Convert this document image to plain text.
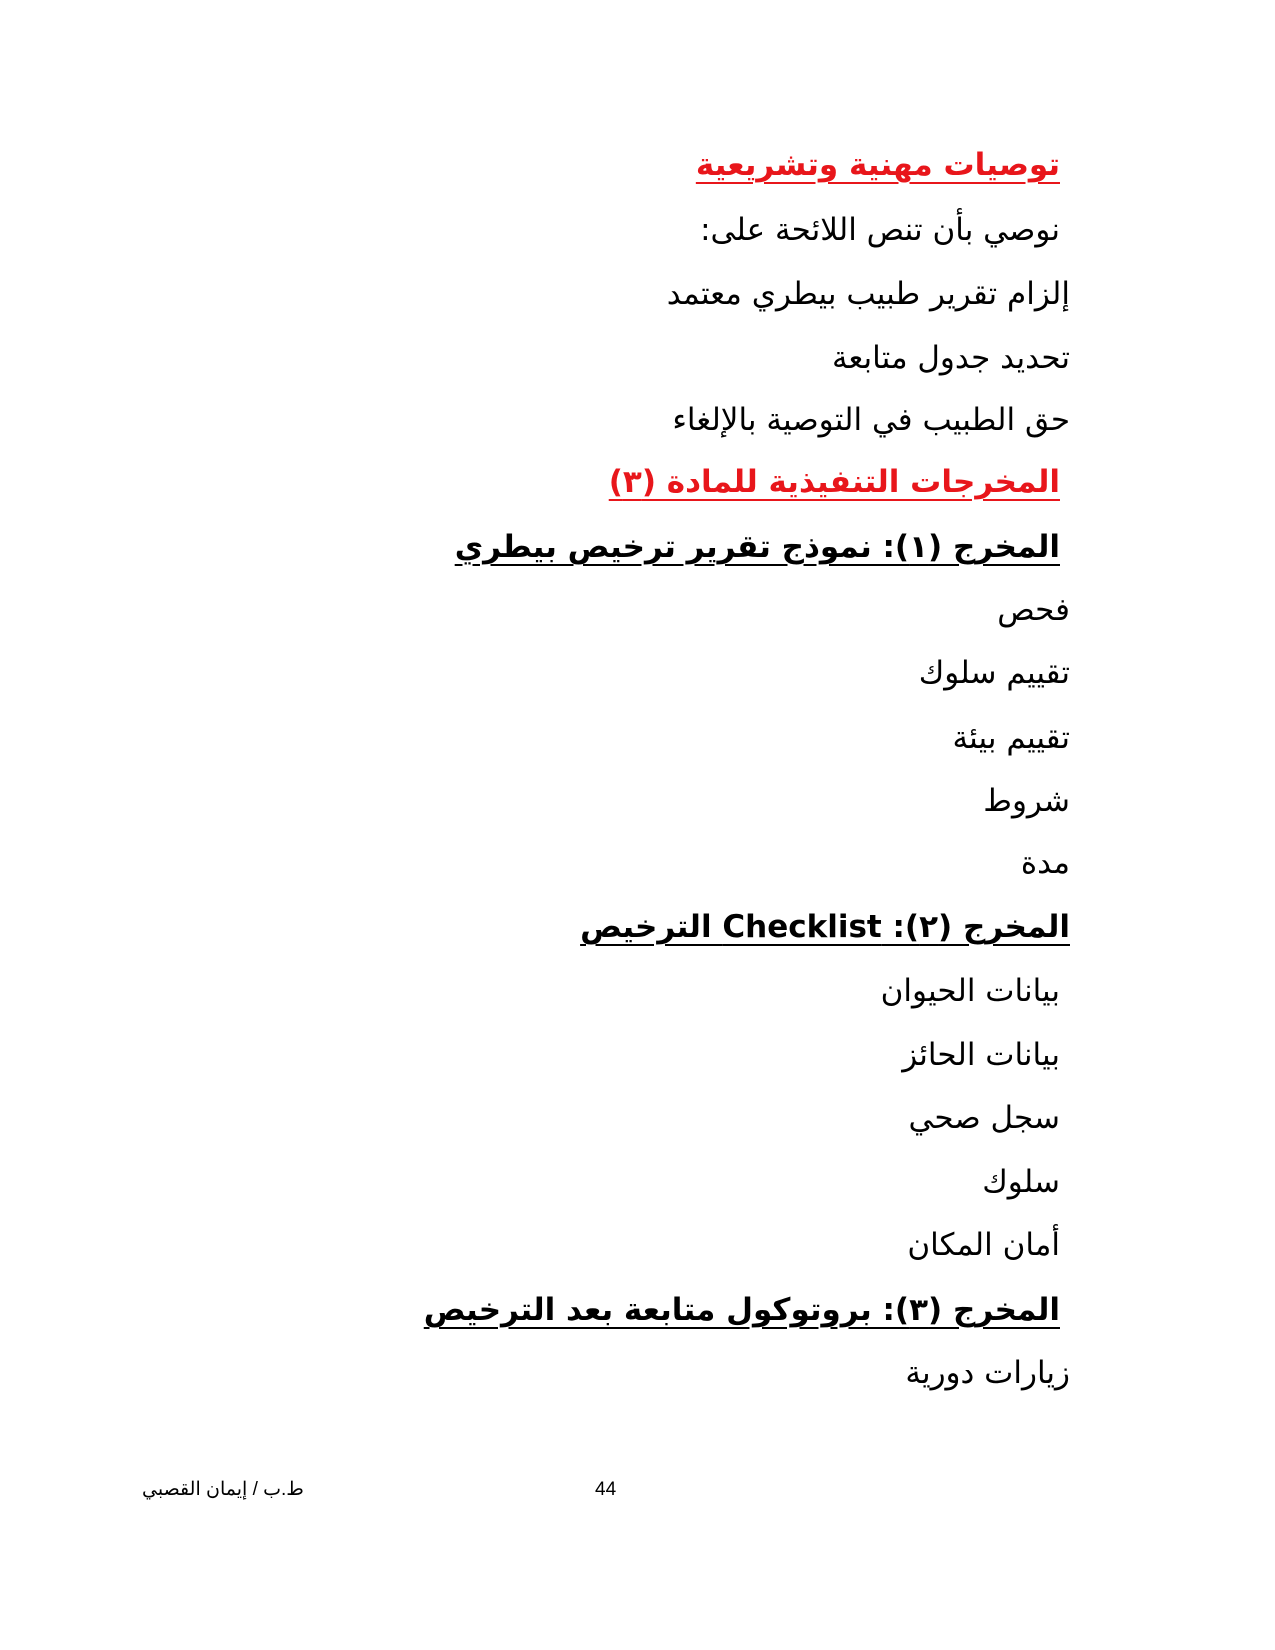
توصيات مهنية وتشريعية
نوصي بأن تنص اللائحة على:
إلزام تقرير طبيب بيطري معتمد
تحديد جدول متابعة
حق الطبيب في التوصية بالإلغاء
المخرجات التنفيذية للمادة (٣)
المخرج (١): نموذج تقرير ترخيص بيطري
فحص
تقييم سلوك
تقييم بيئة
شروط
مدة
المخرج (٢): Checklist الترخيص
بيانات الحيوان
بيانات الحائز
سجل صحي
سلوك
أمان المكان
المخرج (٣): بروتوكول متابعة بعد الترخيص
زيارات دورية
ط.ب / إيمان القصبي	44
